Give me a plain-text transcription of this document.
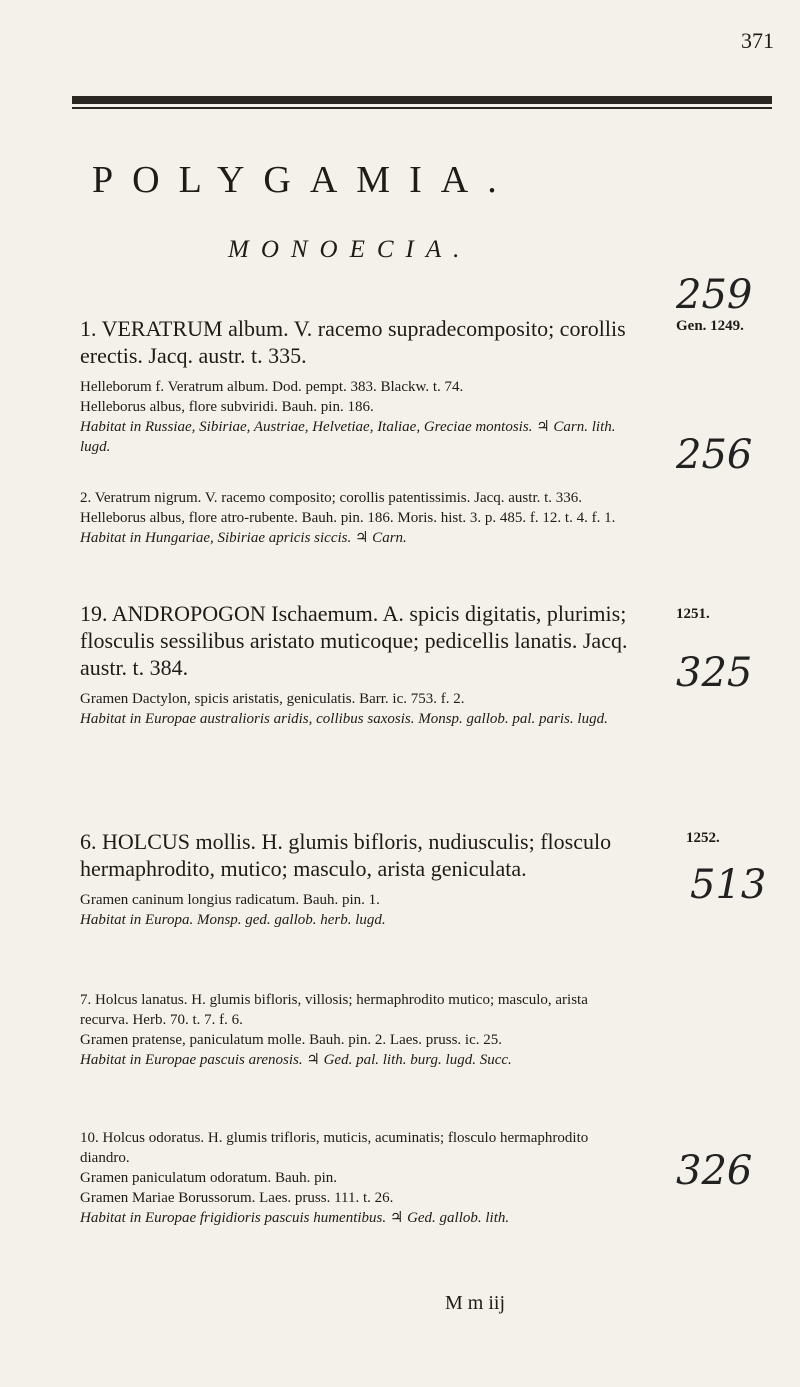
371
POLYGAMIA.
MONOECIA.
259
Gen. 1249.
256
1251.
325
1252.
513
326

1. VERATRUM album. V. racemo supradecomposito; corollis erectis. Jacq. austr. t. 335.

Helleborum f. Veratrum album. Dod. pempt. 383. Blackw. t. 74.

Helleborus albus, flore subviridi. Bauh. pin. 186.

Habitat in Russiae, Sibiriae, Austriae, Helvetiae, Italiae, Greciae montosis. ♃ Carn. lith. lugd.

2. Veratrum nigrum. V. racemo composito; corollis patentissimis. Jacq. austr. t. 336.

Helleborus albus, flore atro-rubente. Bauh. pin. 186. Moris. hist. 3. p. 485. f. 12. t. 4. f. 1.

Habitat in Hungariae, Sibiriae apricis siccis. ♃ Carn.

19. ANDROPOGON Ischaemum. A. spicis digitatis, plurimis; flosculis sessilibus aristato muticoque; pedicellis lanatis. Jacq. austr. t. 384.

Gramen Dactylon, spicis aristatis, geniculatis. Barr. ic. 753. f. 2.

Habitat in Europae australioris aridis, collibus saxosis. Monsp. gallob. pal. paris. lugd.

6. HOLCUS mollis. H. glumis bifloris, nudiusculis; flosculo hermaphrodito, mutico; masculo, arista geniculata.

Gramen caninum longius radicatum. Bauh. pin. 1.

Habitat in Europa. Monsp. ged. gallob. herb. lugd.

7. Holcus lanatus. H. glumis bifloris, villosis; hermaphrodito mutico; masculo, arista recurva. Herb. 70. t. 7. f. 6.

Gramen pratense, paniculatum molle. Bauh. pin. 2. Laes. pruss. ic. 25.

Habitat in Europae pascuis arenosis. ♃ Ged. pal. lith. burg. lugd. Succ.

10. Holcus odoratus. H. glumis trifloris, muticis, acuminatis; flosculo hermaphrodito diandro.

Gramen paniculatum odoratum. Bauh. pin.

Gramen Mariae Borussorum. Laes. pruss. 111. t. 26.

Habitat in Europae frigidioris pascuis humentibus. ♃ Ged. gallob. lith.

M m iij
